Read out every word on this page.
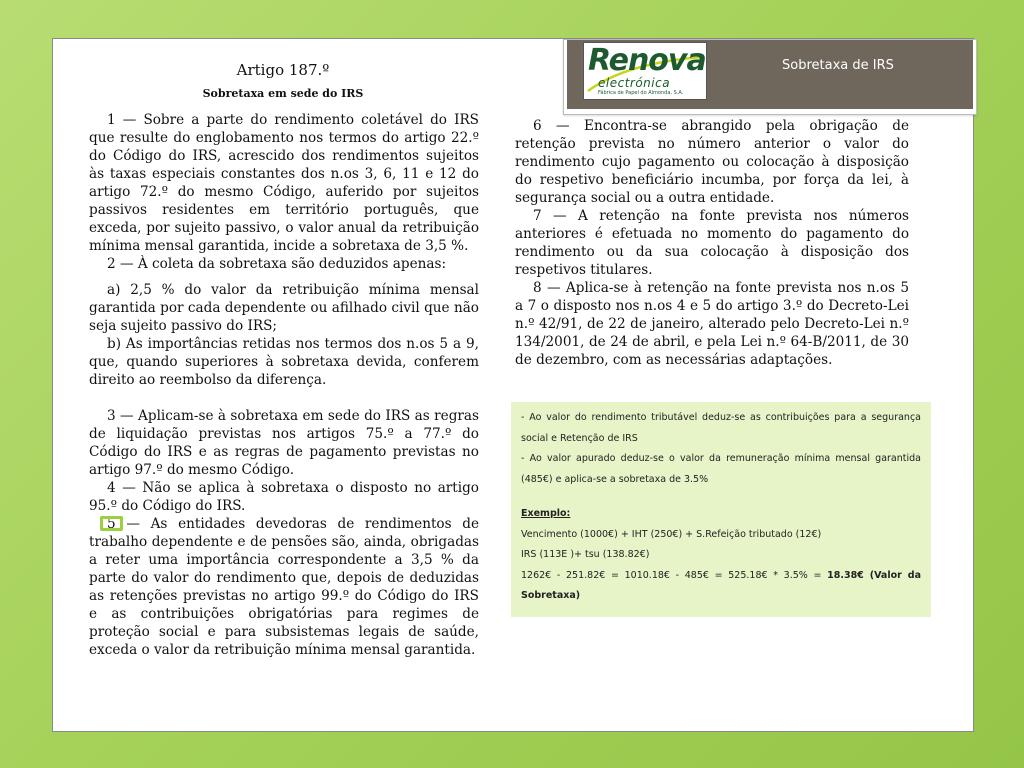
Renova
electrónica
Fábrica de Papel do Almonda, S.A.
Sobretaxa de IRS
Artigo 187.º
Sobretaxa em sede do IRS

1 — Sobre a parte do rendimento coletável do IRS que resulte do englobamento nos termos do artigo 22.º do Código do IRS, acrescido dos rendimentos sujeitos às taxas especiais constantes dos n.os 3, 6, 11 e 12 do artigo 72.º do mesmo Código, auferido por sujeitos passivos residentes em território português, que exceda, por sujeito passivo, o valor anual da retribuição mínima mensal garantida, incide a sobretaxa de 3,5 %.

2 — À coleta da sobretaxa são deduzidos apenas:

a) 2,5 % do valor da retribuição mínima mensal garantida por cada dependente ou afilhado civil que não seja sujeito passivo do IRS;

b) As importâncias retidas nos termos dos n.os 5 a 9, que, quando superiores à sobretaxa devida, conferem direito ao reembolso da diferença.

3 — Aplicam-se à sobretaxa em sede do IRS as regras de liquidação previstas nos artigos 75.º a 77.º do Código do IRS e as regras de pagamento previstas no artigo 97.º do mesmo Código.

4 — Não se aplica à sobretaxa o disposto no artigo 95.º do Código do IRS.

5 — As entidades devedoras de rendimentos de trabalho dependente e de pensões são, ainda, obrigadas a reter uma importância correspondente a 3,5 % da parte do valor do rendimento que, depois de deduzidas as retenções previstas no artigo 99.º do Código do IRS e as contribuições obrigatórias para regimes de proteção social e para subsistemas legais de saúde, exceda o valor da retribuição mínima mensal garantida.

6 — Encontra-se abrangido pela obrigação de retenção prevista no número anterior o valor do rendimento cujo pagamento ou colocação à disposição do respetivo beneficiário incumba, por força da lei, à segurança social ou a outra entidade.

7 — A retenção na fonte prevista nos números anteriores é efetuada no momento do pagamento do rendimento ou da sua colocação à disposição dos respetivos titulares.

8 — Aplica-se à retenção na fonte prevista nos n.os 5 a 7 o disposto nos n.os 4 e 5 do artigo 3.º do Decreto-Lei n.º 42/91, de 22 de janeiro, alterado pelo Decreto-Lei n.º 134/2001, de 24 de abril, e pela Lei n.º 64-B/2011, de 30 de dezembro, com as necessárias adaptações.

- Ao valor do rendimento tributável deduz-se as contribuições para a segurança social e Retenção de IRS

- Ao valor apurado deduz-se o valor da remuneração mínima mensal garantida (485€) e aplica-se a sobretaxa de 3.5%

Exemplo:

Vencimento (1000€) + IHT (250€) + S.Refeição tributado (12€)

IRS (113E )+ tsu (138.82€)

1262€ - 251.82€ = 1010.18€ - 485€ = 525.18€ * 3.5% = 18.38€ (Valor da Sobretaxa)
